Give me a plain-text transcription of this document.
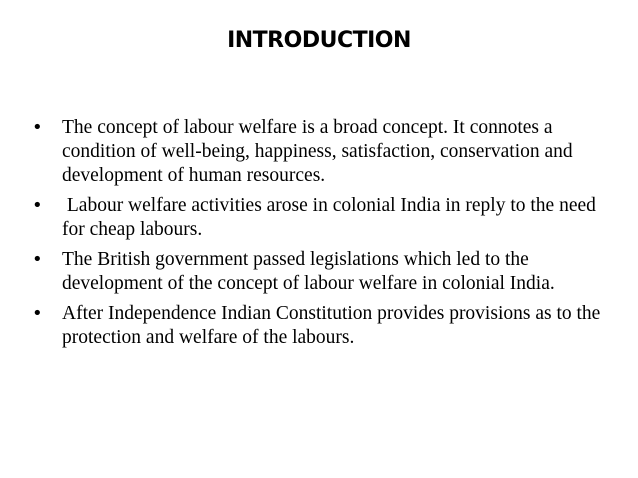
INTRODUCTION
• The concept of labour welfare is a broad concept. It connotes a condition of well-being, happiness, satisfaction, conservation and development of human resources.
• Labour welfare activities arose in colonial India in reply to the need for cheap labours.
• The British government passed legislations which led to the development of the concept of labour welfare in colonial India.
• After Independence Indian Constitution provides provisions as to the protection and welfare of the labours.
